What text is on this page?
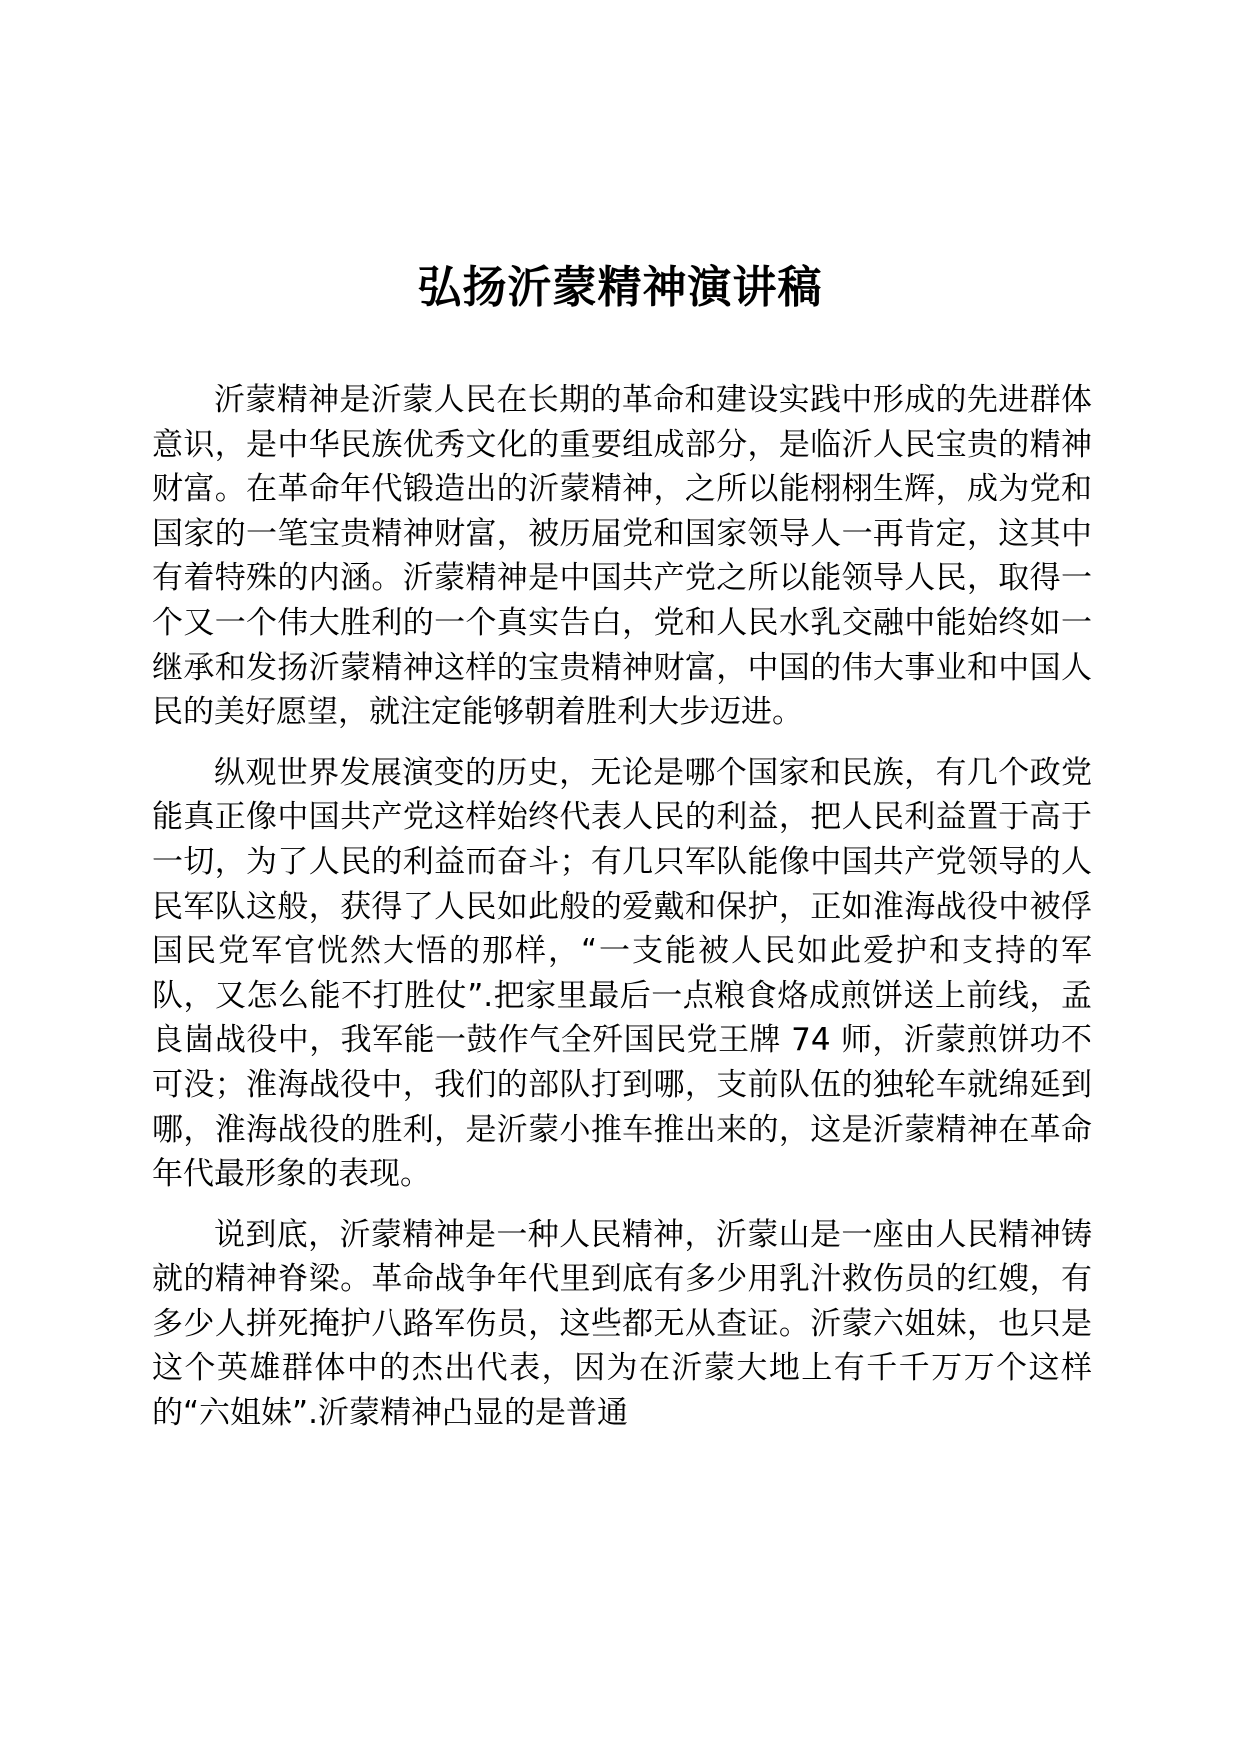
弘扬沂蒙精神演讲稿

沂蒙精神是沂蒙人民在长期的革命和建设实践中形成的先进群体意识，是中华民族优秀文化的重要组成部分，是临沂人民宝贵的精神财富。在革命年代锻造出的沂蒙精神，之所以能栩栩生辉，成为党和国家的一笔宝贵精神财富，被历届党和国家领导人一再肯定，这其中有着特殊的内涵。沂蒙精神是中国共产党之所以能领导人民，取得一个又一个伟大胜利的一个真实告白，党和人民水乳交融中能始终如一继承和发扬沂蒙精神这样的宝贵精神财富，中国的伟大事业和中国人民的美好愿望，就注定能够朝着胜利大步迈进。

纵观世界发展演变的历史，无论是哪个国家和民族，有几个政党能真正像中国共产党这样始终代表人民的利益，把人民利益置于高于一切，为了人民的利益而奋斗；有几只军队能像中国共产党领导的人民军队这般，获得了人民如此般的爱戴和保护，正如淮海战役中被俘国民党军官恍然大悟的那样，“一支能被人民如此爱护和支持的军队，又怎么能不打胜仗”.把家里最后一点粮食烙成煎饼送上前线，孟良崮战役中，我军能一鼓作气全歼国民党王牌 74 师，沂蒙煎饼功不可没；淮海战役中，我们的部队打到哪，支前队伍的独轮车就绵延到哪，淮海战役的胜利，是沂蒙小推车推出来的，这是沂蒙精神在革命年代最形象的表现。

说到底，沂蒙精神是一种人民精神，沂蒙山是一座由人民精神铸就的精神脊梁。革命战争年代里到底有多少用乳汁救伤员的红嫂，有多少人拼死掩护八路军伤员，这些都无从查证。沂蒙六姐妹，也只是这个英雄群体中的杰出代表，因为在沂蒙大地上有千千万万个这样的“六姐妹”.沂蒙精神凸显的是普通
